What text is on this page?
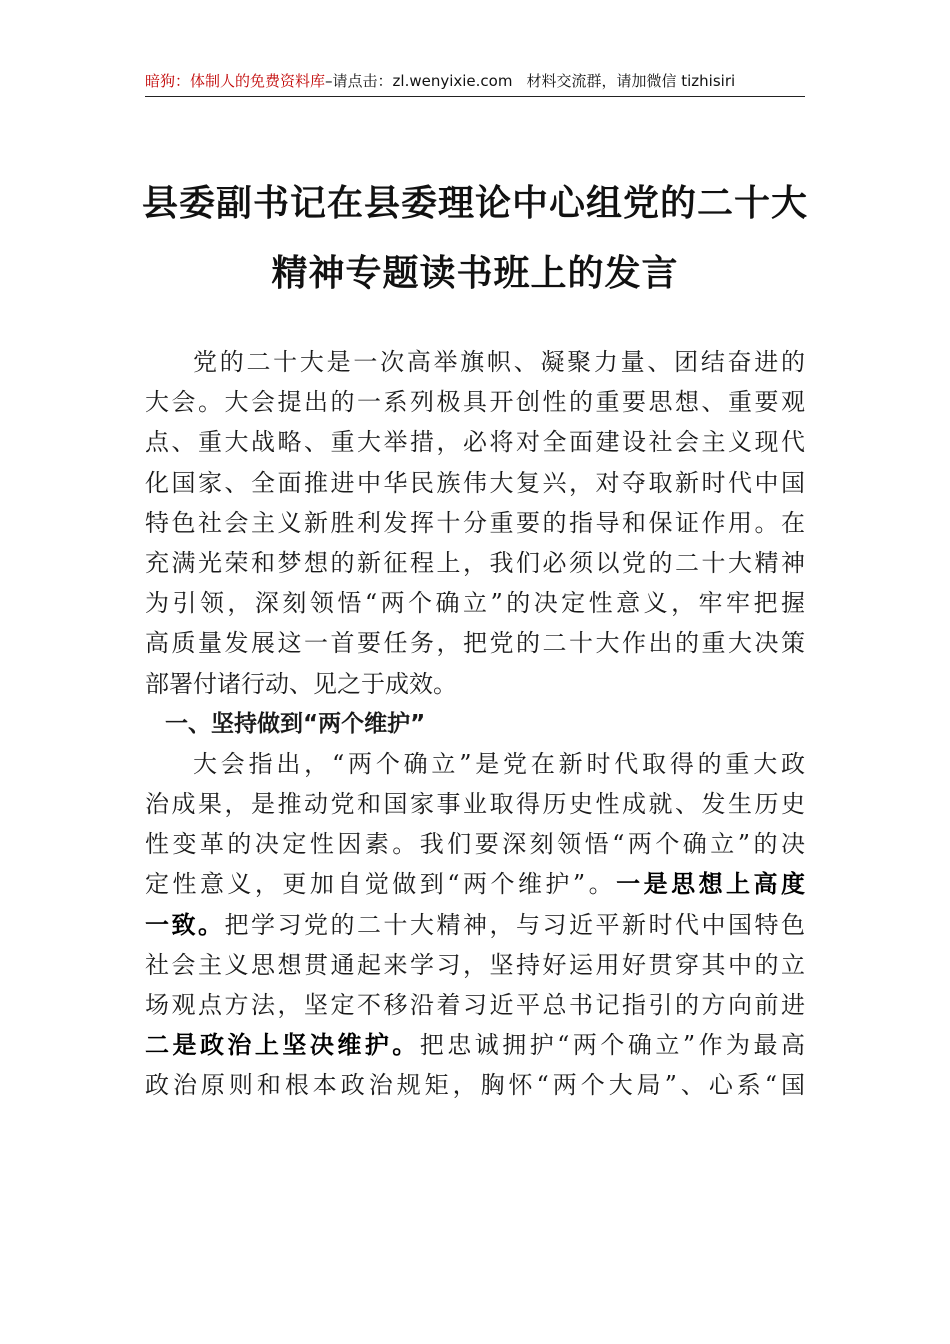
暗狗：体制人的免费资料库–请点击：zl.wenyixie.com 材料交流群，请加微信 tizhisiri
县委副书记在县委理论中心组党的二十大
精神专题读书班上的发言
党的二十大是一次高举旗帜、凝聚力量、团结奋进的
大会。大会提出的一系列极具开创性的重要思想、重要观
点、重大战略、重大举措，必将对全面建设社会主义现代
化国家、全面推进中华民族伟大复兴，对夺取新时代中国
特色社会主义新胜利发挥十分重要的指导和保证作用。在
充满光荣和梦想的新征程上，我们必须以党的二十大精神
为引领，深刻领悟“两个确立”的决定性意义，牢牢把握
高质量发展这一首要任务，把党的二十大作出的重大决策
部署付诸行动、见之于成效。
一、坚持做到“两个维护”
大会指出，“两个确立”是党在新时代取得的重大政
治成果，是推动党和国家事业取得历史性成就、发生历史
性变革的决定性因素。我们要深刻领悟“两个确立”的决
定性意义，更加自觉做到“两个维护”。一是思想上高度
一致。把学习党的二十大精神，与习近平新时代中国特色
社会主义思想贯通起来学习，坚持好运用好贯穿其中的立
场观点方法，坚定不移沿着习近平总书记指引的方向前进
二是政治上坚决维护。把忠诚拥护“两个确立”作为最高
政治原则和根本政治规矩，胸怀“两个大局”、心系“国
